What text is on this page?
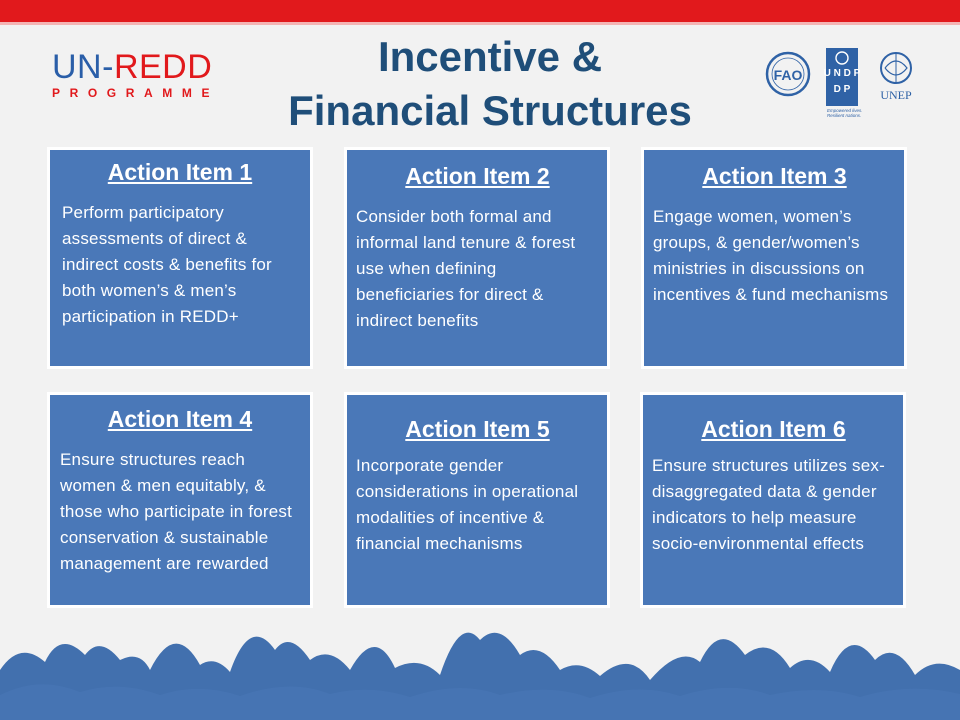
UN-REDD
PROGRAMME
Incentive &
Financial Structures
FAO U N D P
D P
Empowered lives.
Resilient nations.
UNEP
Action Item 1

Perform participatory assessments of direct & indirect costs & benefits for both women’s & men’s participation in REDD+

Action Item 2

Consider both formal and informal land tenure & forest use when defining beneficiaries for direct & indirect benefits

Action Item 3

Engage women, women’s groups, & gender/women’s ministries in discussions on incentives & fund mechanisms

Action Item 4

Ensure structures reach women & men equitably, & those who participate in forest conservation & sustainable management are rewarded

Action Item 5

Incorporate gender considerations in operational modalities of incentive & financial mechanisms

Action Item 6

Ensure structures utilizes sex-disaggregated data & gender indicators to help measure socio-environmental effects
